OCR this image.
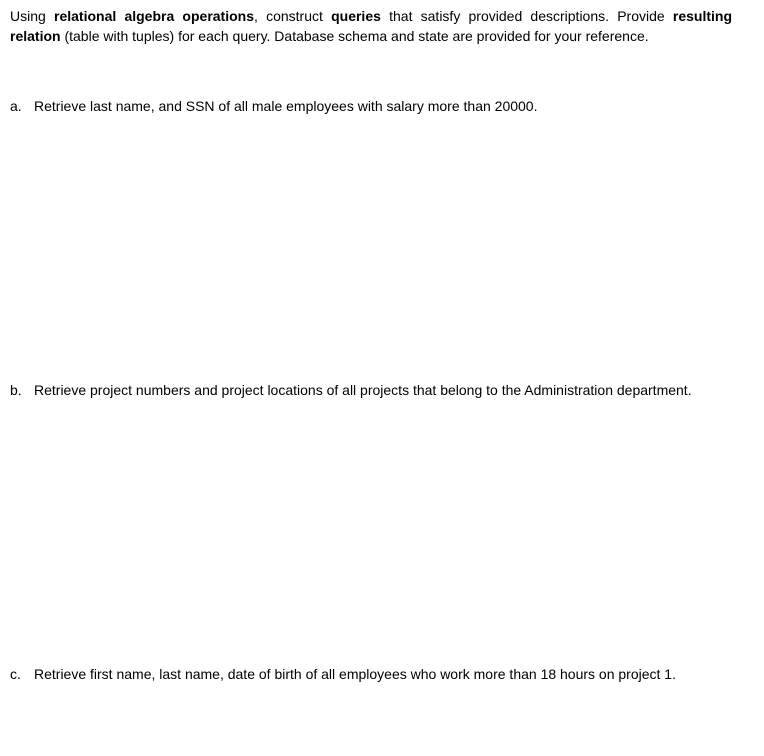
Using relational algebra operations, construct queries that satisfy provided descriptions. Provide resulting relation (table with tuples) for each query. Database schema and state are provided for your reference.

a. Retrieve last name, and SSN of all male employees with salary more than 20000.

b. Retrieve project numbers and project locations of all projects that belong to the Administration department.

c. Retrieve first name, last name, date of birth of all employees who work more than 18 hours on project 1.
